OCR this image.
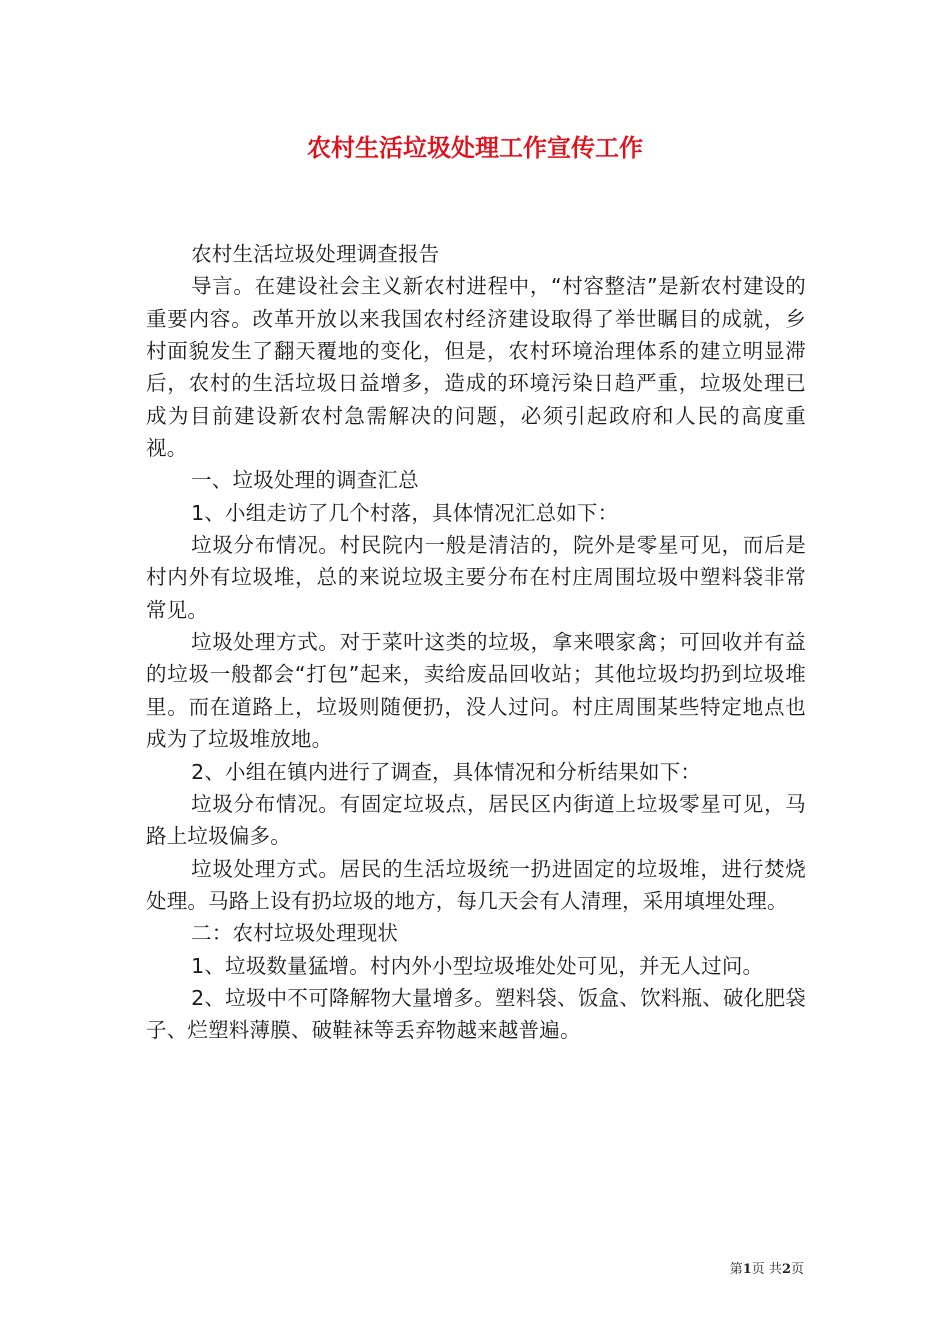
农村生活垃圾处理工作宣传工作

农村生活垃圾处理调查报告

导言。在建设社会主义新农村进程中，“村容整洁”是新农村建设的重要内容。改革开放以来我国农村经济建设取得了举世瞩目的成就，乡村面貌发生了翻天覆地的变化，但是，农村环境治理体系的建立明显滞后，农村的生活垃圾日益增多，造成的环境污染日趋严重，垃圾处理已成为目前建设新农村急需解决的问题，必须引起政府和人民的高度重视。

一、垃圾处理的调查汇总

1、小组走访了几个村落，具体情况汇总如下：

垃圾分布情况。村民院内一般是清洁的，院外是零星可见，而后是村内外有垃圾堆，总的来说垃圾主要分布在村庄周围垃圾中塑料袋非常常见。

垃圾处理方式。对于菜叶这类的垃圾，拿来喂家禽；可回收并有益的垃圾一般都会“打包”起来，卖给废品回收站；其他垃圾均扔到垃圾堆里。而在道路上，垃圾则随便扔，没人过问。村庄周围某些特定地点也成为了垃圾堆放地。

2、小组在镇内进行了调查，具体情况和分析结果如下：

垃圾分布情况。有固定垃圾点，居民区内街道上垃圾零星可见，马路上垃圾偏多。

垃圾处理方式。居民的生活垃圾统一扔进固定的垃圾堆，进行焚烧处理。马路上设有扔垃圾的地方，每几天会有人清理，采用填埋处理。

二：农村垃圾处理现状

1、垃圾数量猛增。村内外小型垃圾堆处处可见，并无人过问。

2、垃圾中不可降解物大量增多。塑料袋、饭盒、饮料瓶、破化肥袋子、烂塑料薄膜、破鞋袜等丢弃物越来越普遍。

第1页 共2页
